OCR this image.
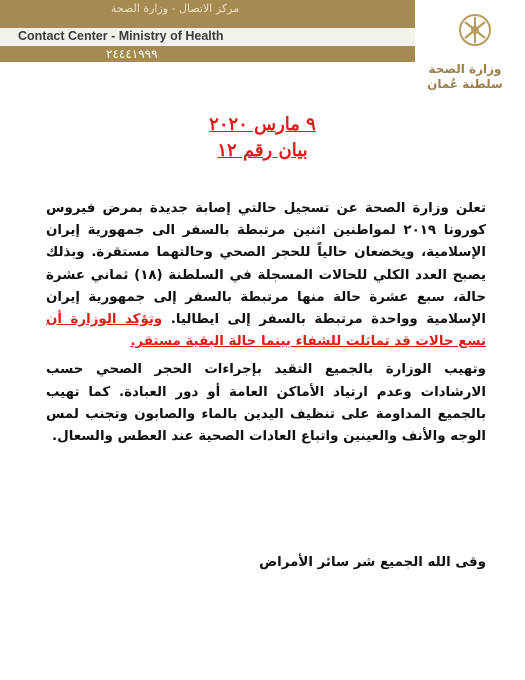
مركز الاتصال - وزارة الصحة
Contact Center - Ministry of Health
٢٤٤٤١٩٩٩
وزارة الصحة
سلطنة عُمان
٩ مارس ٢٠٢٠
بيان رقم ١٢

تعلن وزارة الصحة عن تسجيل حالتي إصابة جديدة بمرض فيروس كورونا ٢٠١٩ لمواطنين اثنين مرتبطة بالسفر الى جمهورية إيران الإسلامية، ويخضعان حالياً للحجر الصحي وحالتهما مستقرة. وبذلك يصبح العدد الكلي للحالات المسجلة في السلطنة (١٨) ثماني عشرة حالة، سبع عشرة حالة منها مرتبطة بالسفر إلى جمهورية إيران الإسلامية وواحدة مرتبطة بالسفر إلى ايطاليا. وتؤكد الوزارة أن تسع حالات قد تماثلت للشفاء بينما حالة البقية مستقر.

وتهيب الوزارة بالجميع التقيد بإجراءات الحجر الصحي حسب الارشادات وعدم ارتياد الأماكن العامة أو دور العبادة. كما تهيب بالجميع المداومة على تنظيف اليدين بالماء والصابون وتجنب لمس الوجه والأنف والعينين واتباع العادات الصحية عند العطس والسعال.

وقى الله الجميع شر سائر الأمراض
